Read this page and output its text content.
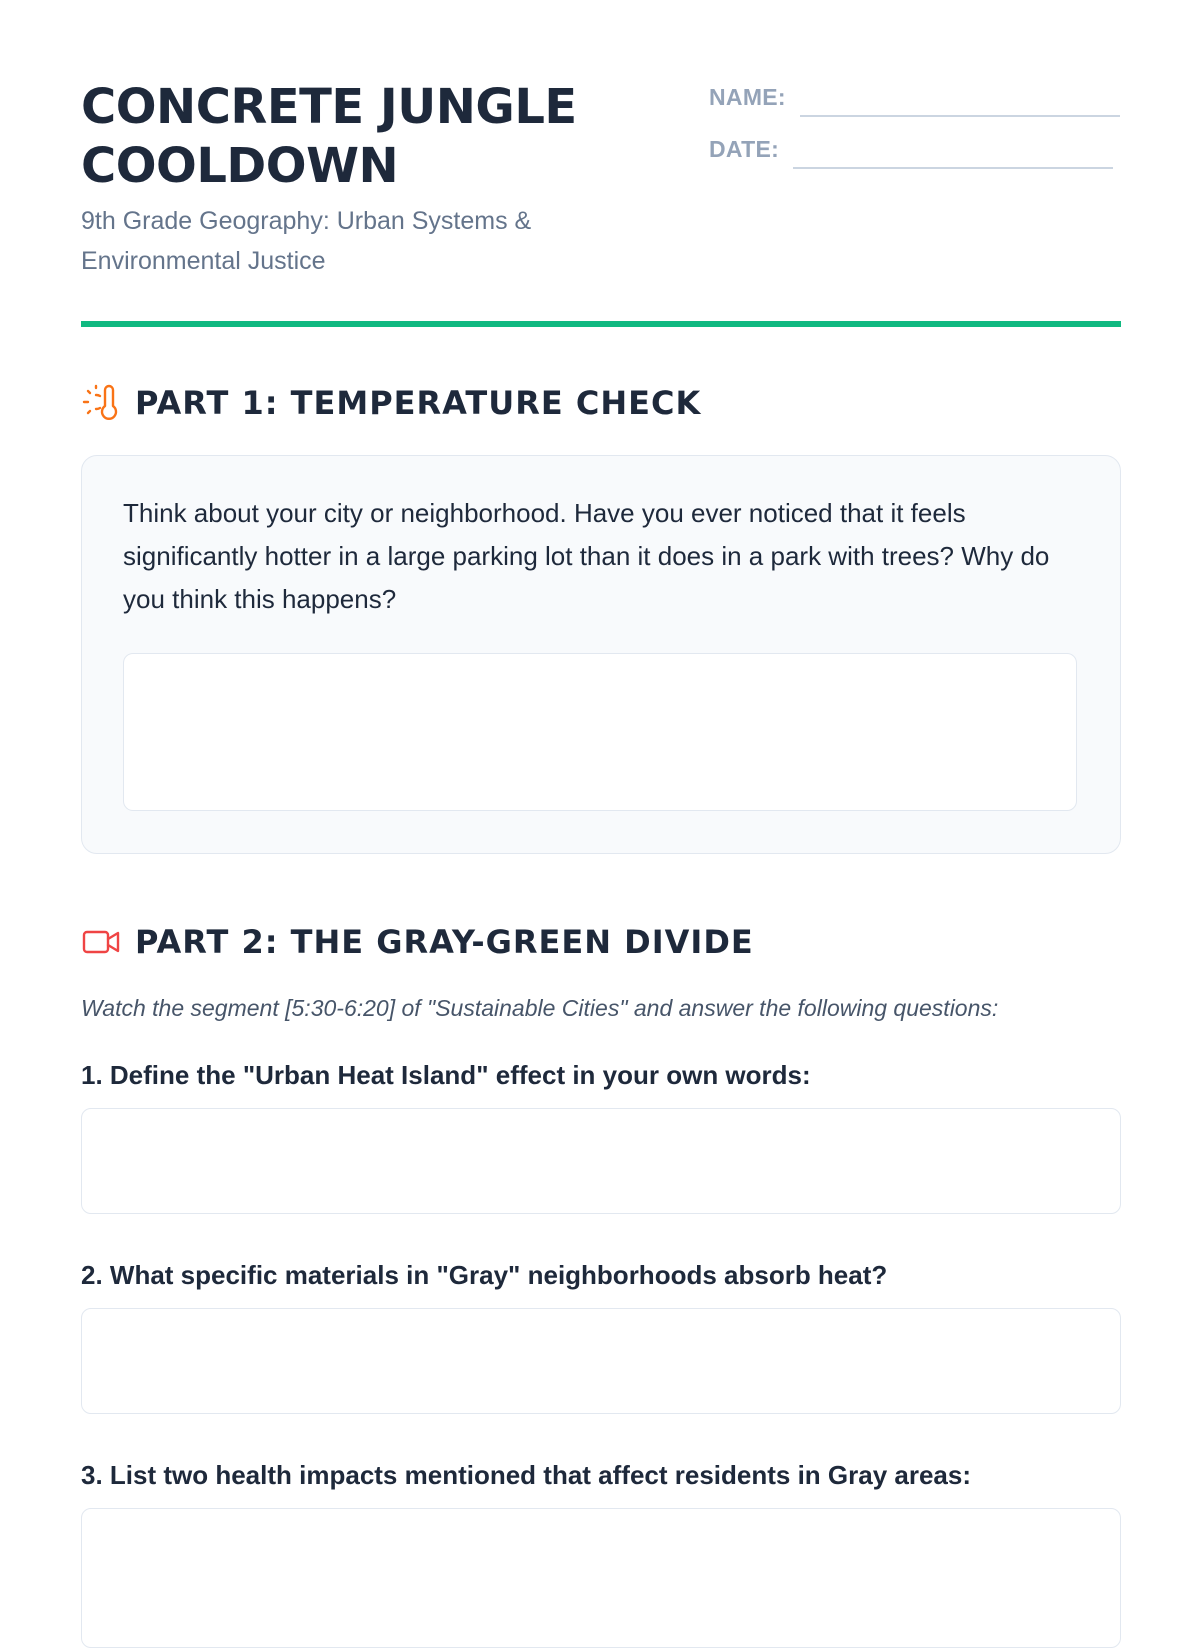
CONCRETE JUNGLE
COOLDOWN

9th Grade Geography: Urban Systems &
Environmental Justice

NAME:
DATE:
PART 1: TEMPERATURE CHECK

Think about your city or neighborhood. Have you ever noticed that it feels significantly hotter in a large parking lot than it does in a park with trees? Why do you think this happens?

PART 2: THE GRAY-GREEN DIVIDE

Watch the segment [5:30-6:20] of "Sustainable Cities" and answer the following questions:

1. Define the "Urban Heat Island" effect in your own words:

2. What specific materials in "Gray" neighborhoods absorb heat?

3. List two health impacts mentioned that affect residents in Gray areas:
